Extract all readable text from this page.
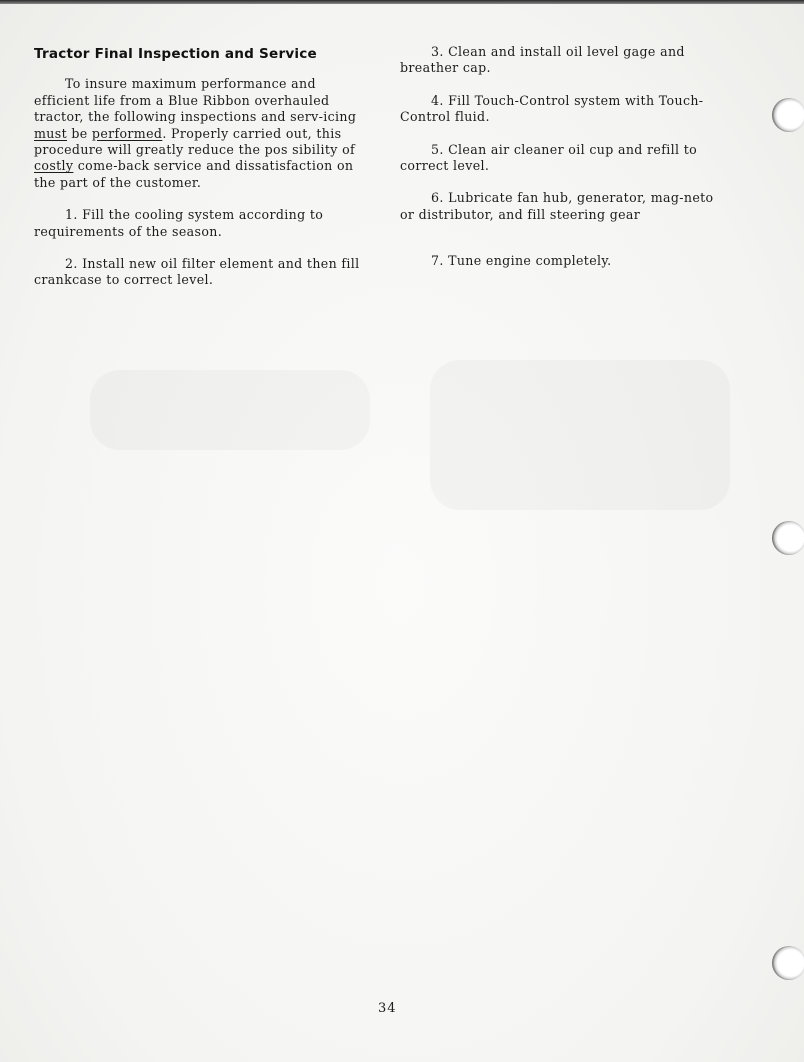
Tractor Final Inspection and Service

To insure maximum performance and efficient life from a Blue Ribbon overhauled tractor, the following inspections and serv-icing must be performed. Properly carried out, this procedure will greatly reduce the pos sibility of costly come-back service and dissatisfaction on the part of the customer.

1. Fill the cooling system according to requirements of the season.

2. Install new oil filter element and then fill crankcase to correct level.

3. Clean and install oil level gage and breather cap.

4. Fill Touch-Control system with Touch-Control fluid.

5. Clean air cleaner oil cup and refill to correct level.

6. Lubricate fan hub, generator, mag-neto or distributor, and fill steering gear

7. Tune engine completely.

34
